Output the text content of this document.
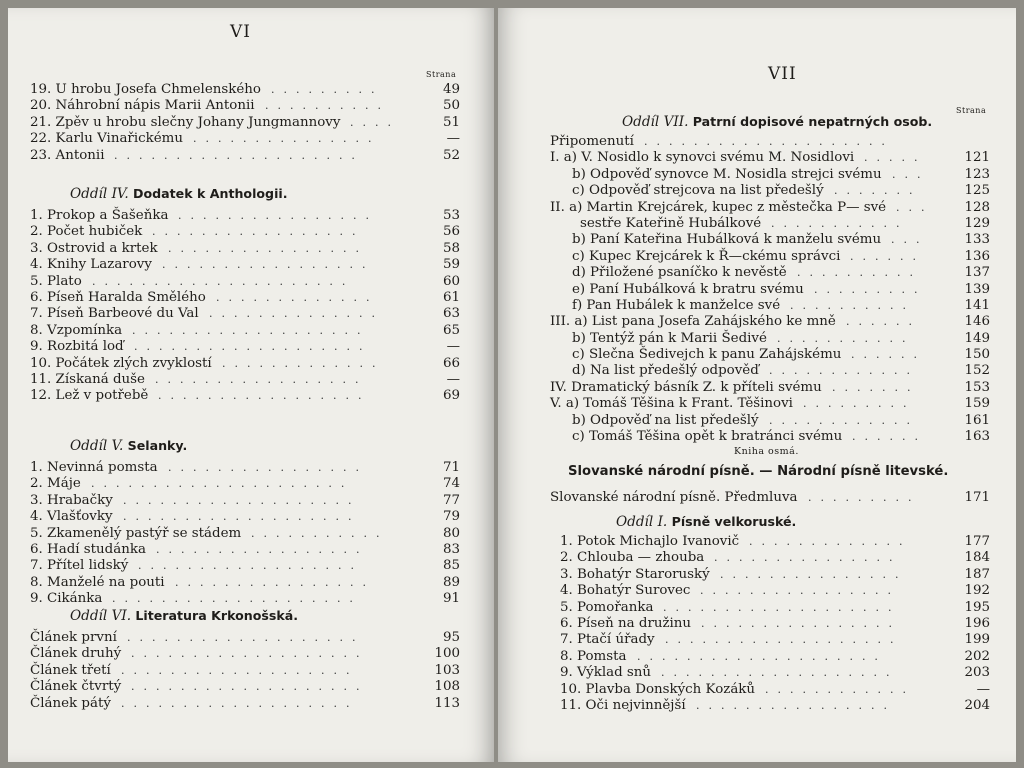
VI
Strana
19. U hrobu Josefa Chmelenského .........	49
20. Náhrobní nápis Marii Antonii ..........	50
21. Zpěv u hrobu slečny Johany Jungmannovy ....	51
22. Karlu Vinařickému ...............	—
23. Antonii ....................	52
Oddíl IV. Dodatek k Anthologii.
1. Prokop a Šašeňka ................	53
2. Počet hubiček .................	56
3. Ostrovid a krtek ................	58
4. Knihy Lazarovy .................	59
5. Plato .....................	60
6. Píseň Haralda Smělého .............	61
7. Píseň Barbeové du Val ..............	63
8. Vzpomínka ...................	65
9. Rozbitá loď ...................	—
10. Počátek zlých zvyklostí .............	66
11. Získaná duše .................	—
12. Lež v potřebě .................	69
Oddíl V. Selanky.
1. Nevinná pomsta ................	71
2. Máje .....................	74
3. Hrabačky ...................	77
4. Vlašťovky ...................	79
5. Zkamenělý pastýř se stádem ...........	80
6. Hadí studánka .................	83
7. Přítel lidský ..................	85
8. Manželé na pouti ................	89
9. Cikánka ....................	91
Oddíl VI. Literatura Krkonošská.
Článek první ...................	95
Článek druhý ...................	100
Článek třetí ...................	103
Článek čtvrtý ...................	108
Článek pátý ...................	113
VII
Strana
Oddíl VII. Patrní dopisové nepatrných osob.
Připomenutí ....................
I. a) V. Nosidlo k synovci svému M. Nosidlovi .....	121
b) Odpověď synovce M. Nosidla strejci svému ...	123
c) Odpověď strejcova na list předešlý .......	125
II. a) Martin Krejcárek, kupec z městečka P— své ...	128
sestře Kateřině Hubálkové ...........	129
b) Paní Kateřina Hubálková k manželu svému ...	133
c) Kupec Krejcárek k Ř—ckému správci ......	136
d) Přiložené psaníčko k nevěstě ..........	137
e) Paní Hubálková k bratru svému .........	139
f) Pan Hubálek k manželce své ..........	141
III. a) List pana Josefa Zahájského ke mně ......	146
b) Tentýž pán k Marii Šedivé ...........	149
c) Slečna Šedivejch k panu Zahájskému ......	150
d) Na list předešlý odpověď ............	152
IV. Dramatický básník Z. k příteli svému .......	153
V. a) Tomáš Těšina k Frant. Těšinovi .........	159
b) Odpověď na list předešlý ............	161
c) Tomáš Těšina opět k bratránci svému ......	163
Kniha osmá.
Slovanské národní písně. — Národní písně litevské.
Slovanské národní písně. Předmluva .........	171
Oddíl I. Písně velkoruské.
1. Potok Michajlo Ivanovič .............	177
2. Chlouba — zhouba ...............	184
3. Bohatýr Staroruský ...............	187
4. Bohatýr Surovec ................	192
5. Pomořanka ...................	195
6. Píseň na družinu ................	196
7. Ptačí úřady ...................	199
8. Pomsta ....................	202
9. Výklad snů ...................	203
10. Plavba Donských Kozáků ............	—
11. Oči nejvinnější ................	204
